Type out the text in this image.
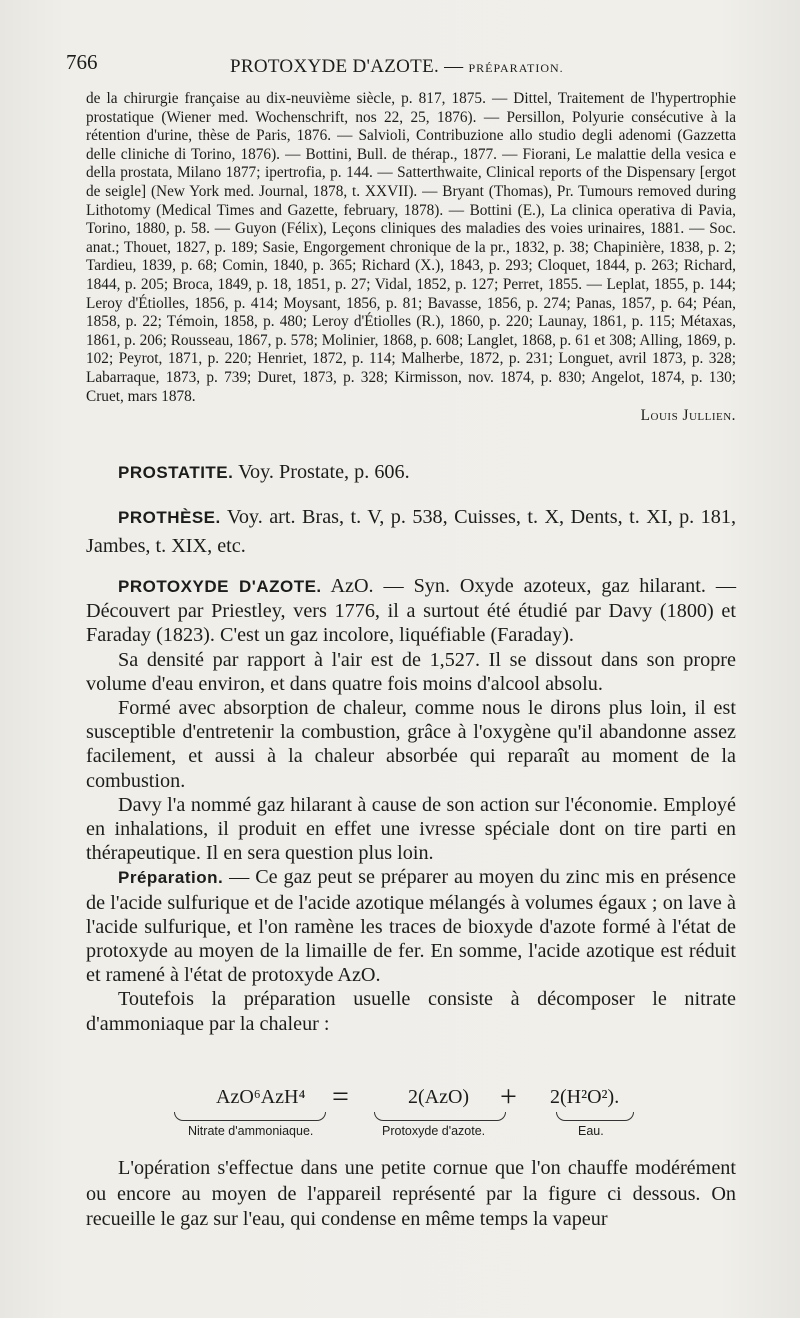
766	PROTOXYDE D'AZOTE. — PRÉPARATION.

de la chirurgie française au dix-neuvième siècle, p. 817, 1875. — Dittel, Traitement de l'hypertrophie prostatique (Wiener med. Wochenschrift, nos 22, 25, 1876). — Persillon, Polyurie consécutive à la rétention d'urine, thèse de Paris, 1876. — Salvioli, Contribuzione allo studio degli adenomi (Gazzetta delle cliniche di Torino, 1876). — Bottini, Bull. de thérap., 1877. — Fiorani, Le malattie della vesica e della prostata, Milano 1877; ipertrofia, p. 144. — Satterthwaite, Clinical reports of the Dispensary [ergot de seigle] (New York med. Journal, 1878, t. XXVII). — Bryant (Thomas), Pr. Tumours removed during Lithotomy (Medical Times and Gazette, february, 1878). — Bottini (E.), La clinica operativa di Pavia, Torino, 1880, p. 58. — Guyon (Félix), Leçons cliniques des maladies des voies urinaires, 1881. — Soc. anat.; Thouet, 1827, p. 189; Sasie, Engorgement chronique de la pr., 1832, p. 38; Chapinière, 1838, p. 2; Tardieu, 1839, p. 68; Comin, 1840, p. 365; Richard (X.), 1843, p. 293; Cloquet, 1844, p. 263; Richard, 1844, p. 205; Broca, 1849, p. 18, 1851, p. 27; Vidal, 1852, p. 127; Perret, 1855. — Leplat, 1855, p. 144; Leroy d'Étiolles, 1856, p. 414; Moysant, 1856, p. 81; Bavasse, 1856, p. 274; Panas, 1857, p. 64; Péan, 1858, p. 22; Témoin, 1858, p. 480; Leroy d'Étiolles (R.), 1860, p. 220; Launay, 1861, p. 115; Métaxas, 1861, p. 206; Rousseau, 1867, p. 578; Molinier, 1868, p. 608; Langlet, 1868, p. 61 et 308; Alling, 1869, p. 102; Peyrot, 1871, p. 220; Henriet, 1872, p. 114; Malherbe, 1872, p. 231; Longuet, avril 1873, p. 328; Labarraque, 1873, p. 739; Duret, 1873, p. 328; Kirmisson, nov. 1874, p. 830; Angelot, 1874, p. 130; Cruet, mars 1878.

Louis Jullien.

PROSTATITE. Voy. Prostate, p. 606.

PROTHÈSE. Voy. art. Bras, t. V, p. 538, Cuisses, t. X, Dents, t. XI, p. 181, Jambes, t. XIX, etc.

PROTOXYDE D'AZOTE. AzO. — Syn. Oxyde azoteux, gaz hilarant. — Découvert par Priestley, vers 1776, il a surtout été étudié par Davy (1800) et Faraday (1823). C'est un gaz incolore, liquéfiable (Faraday).

Sa densité par rapport à l'air est de 1,527. Il se dissout dans son propre volume d'eau environ, et dans quatre fois moins d'alcool absolu.

Formé avec absorption de chaleur, comme nous le dirons plus loin, il est susceptible d'entretenir la combustion, grâce à l'oxygène qu'il abandonne assez facilement, et aussi à la chaleur absorbée qui reparaît au moment de la combustion.

Davy l'a nommé gaz hilarant à cause de son action sur l'économie. Employé en inhalations, il produit en effet une ivresse spéciale dont on tire parti en thérapeutique. Il en sera question plus loin.

Préparation. — Ce gaz peut se préparer au moyen du zinc mis en présence de l'acide sulfurique et de l'acide azotique mélangés à volumes égaux ; on lave à l'acide sulfurique, et l'on ramène les traces de bioxyde d'azote formé à l'état de protoxyde au moyen de la limaille de fer. En somme, l'acide azotique est réduit et ramené à l'état de protoxyde AzO.

Toutefois la préparation usuelle consiste à décomposer le nitrate d'ammoniaque par la chaleur :

AzO⁶AzH⁴ =	2(AzO) + 2(H²O²).
Nitrate d'ammoniaque.	Protoxyde d'azote.	Eau.

L'opération s'effectue dans une petite cornue que l'on chauffe modérément ou encore au moyen de l'appareil représenté par la figure ci dessous. On recueille le gaz sur l'eau, qui condense en même temps la vapeur
